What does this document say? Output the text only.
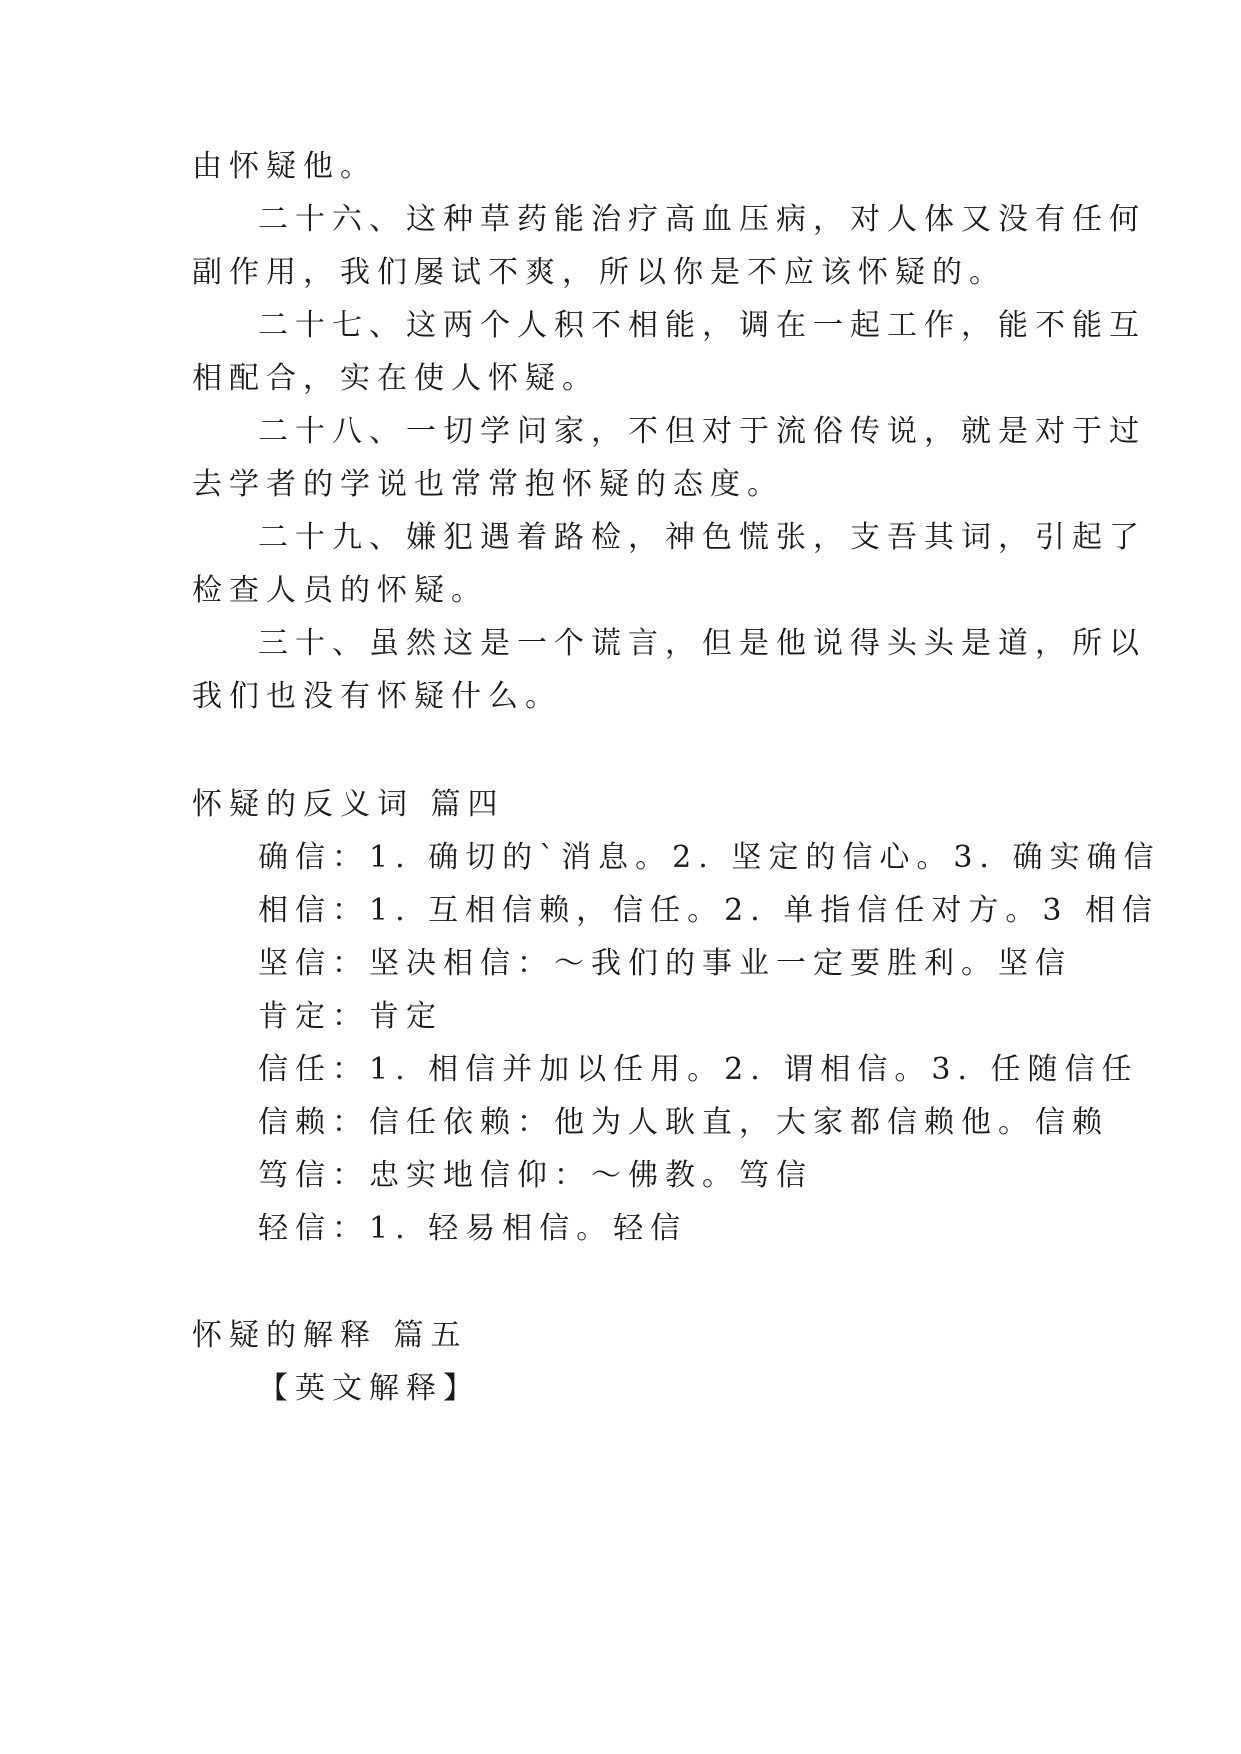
由怀疑他。
二十六、这种草药能治疗高血压病，对人体又没有任何
副作用，我们屡试不爽，所以你是不应该怀疑的。
二十七、这两个人积不相能，调在一起工作，能不能互
相配合，实在使人怀疑。
二十八、一切学问家，不但对于流俗传说，就是对于过
去学者的学说也常常抱怀疑的态度。
二十九、嫌犯遇着路检，神色慌张，支吾其词，引起了
检查人员的怀疑。
三十、虽然这是一个谎言，但是他说得头头是道，所以
我们也没有怀疑什么。
怀疑的反义词 篇四
确信：1. 确切的`消息。2. 坚定的信心。3. 确实确信
相信：1. 互相信赖，信任。2. 单指信任对方。3 相信
坚信：坚决相信：～我们的事业一定要胜利。坚信
肯定：肯定
信任：1. 相信并加以任用。2. 谓相信。3. 任随信任
信赖：信任依赖：他为人耿直，大家都信赖他。信赖
笃信：忠实地信仰：～佛教。笃信
轻信：1. 轻易相信。轻信
怀疑的解释 篇五
【英文解释】
